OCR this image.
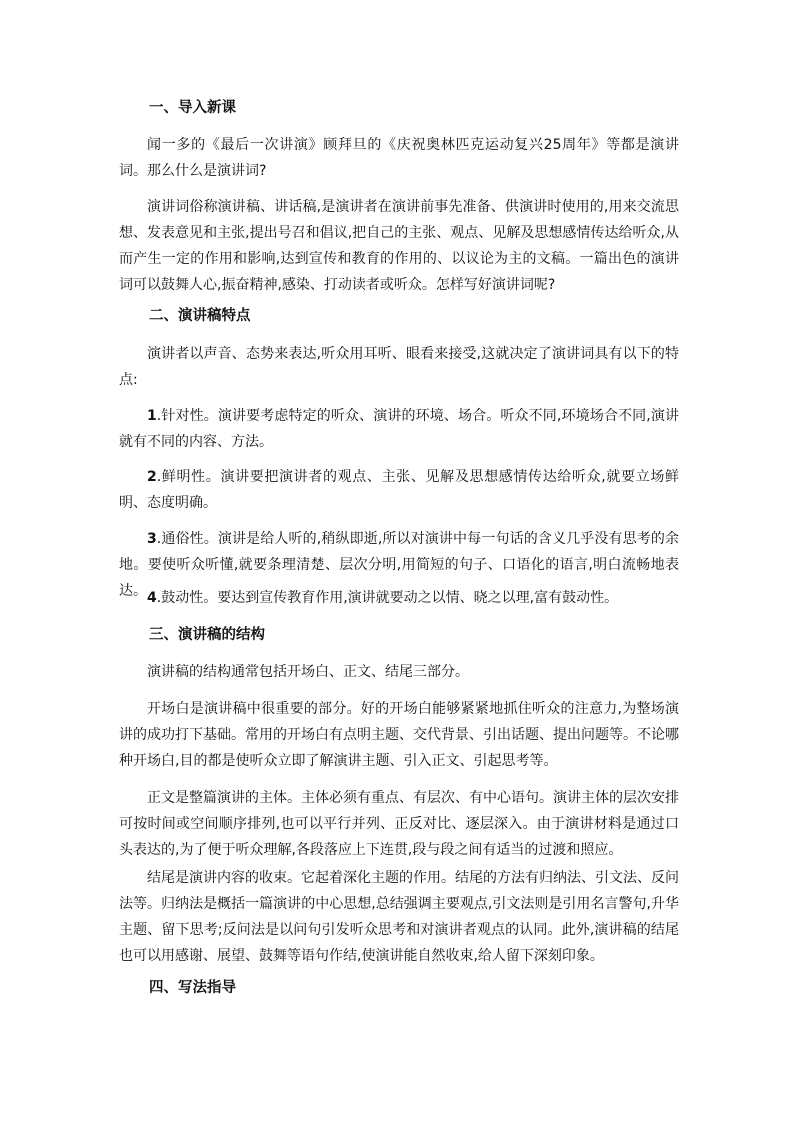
一、导入新课

闻一多的《最后一次讲演》顾拜旦的《庆祝奥林匹克运动复兴25周年》等都是演讲词。那么什么是演讲词?

演讲词俗称演讲稿、讲话稿,是演讲者在演讲前事先准备、供演讲时使用的,用来交流思想、发表意见和主张,提出号召和倡议,把自己的主张、观点、见解及思想感情传达给听众,从而产生一定的作用和影响,达到宣传和教育的作用的、以议论为主的文稿。一篇出色的演讲词可以鼓舞人心,振奋精神,感染、打动读者或听众。怎样写好演讲词呢?

二、演讲稿特点

演讲者以声音、态势来表达,听众用耳听、眼看来接受,这就决定了演讲词具有以下的特点:

1.针对性。演讲要考虑特定的听众、演讲的环境、场合。听众不同,环境场合不同,演讲就有不同的内容、方法。

2.鲜明性。演讲要把演讲者的观点、主张、见解及思想感情传达给听众,就要立场鲜明、态度明确。

3.通俗性。演讲是给人听的,稍纵即逝,所以对演讲中每一句话的含义几乎没有思考的余地。要使听众听懂,就要条理清楚、层次分明,用简短的句子、口语化的语言,明白流畅地表达。 4.鼓动性。要达到宣传教育作用,演讲就要动之以情、晓之以理,富有鼓动性。

三、演讲稿的结构

演讲稿的结构通常包括开场白、正文、结尾三部分。

开场白是演讲稿中很重要的部分。好的开场白能够紧紧地抓住听众的注意力,为整场演讲的成功打下基础。常用的开场白有点明主题、交代背景、引出话题、提出问题等。不论哪种开场白,目的都是使听众立即了解演讲主题、引入正文、引起思考等。

正文是整篇演讲的主体。主体必须有重点、有层次、有中心语句。演讲主体的层次安排可按时间或空间顺序排列,也可以平行并列、正反对比、逐层深入。由于演讲材料是通过口头表达的,为了便于听众理解,各段落应上下连贯,段与段之间有适当的过渡和照应。

结尾是演讲内容的收束。它起着深化主题的作用。结尾的方法有归纳法、引文法、反问法等。归纳法是概括一篇演讲的中心思想,总结强调主要观点,引文法则是引用名言警句,升华主题、留下思考;反问法是以问句引发听众思考和对演讲者观点的认同。此外,演讲稿的结尾也可以用感谢、展望、鼓舞等语句作结,使演讲能自然收束,给人留下深刻印象。

四、写法指导
